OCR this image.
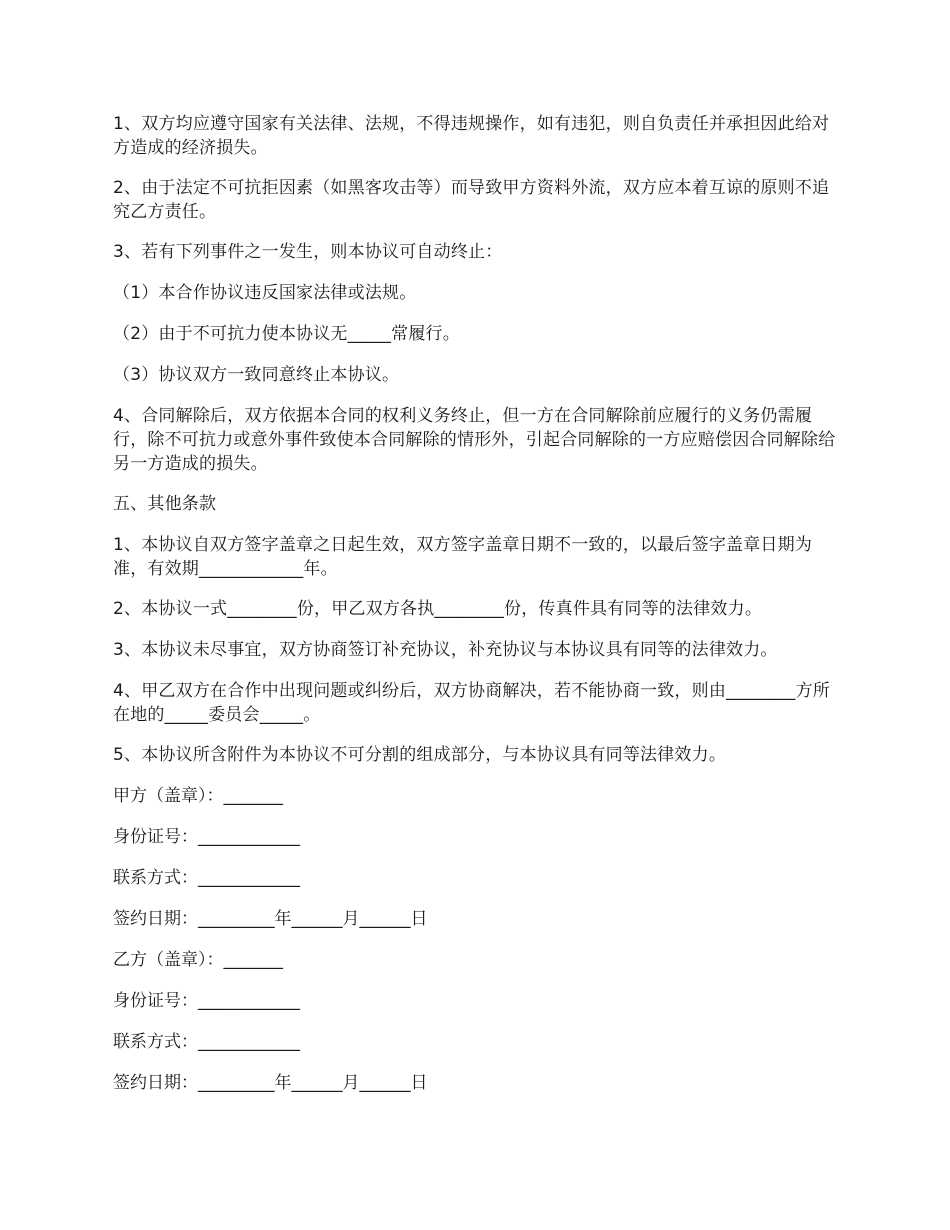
1、双方均应遵守国家有关法律、法规，不得违规操作，如有违犯，则自负责任并承担因此给对方造成的经济损失。

2、由于法定不可抗拒因素（如黑客攻击等）而导致甲方资料外流，双方应本着互谅的原则不追究乙方责任。

3、若有下列事件之一发生，则本协议可自动终止：

（1）本合作协议违反国家法律或法规。

（2）由于不可抗力使本协议无_____常履行。

（3）协议双方一致同意终止本协议。

4、合同解除后，双方依据本合同的权利义务终止，但一方在合同解除前应履行的义务仍需履行，除不可抗力或意外事件致使本合同解除的情形外，引起合同解除的一方应赔偿因合同解除给另一方造成的损失。

五、其他条款

1、本协议自双方签字盖章之日起生效，双方签字盖章日期不一致的，以最后签字盖章日期为准，有效期____________年。

2、本协议一式________份，甲乙双方各执________份，传真件具有同等的法律效力。

3、本协议未尽事宜，双方协商签订补充协议，补充协议与本协议具有同等的法律效力。

4、甲乙双方在合作中出现问题或纠纷后，双方协商解决，若不能协商一致，则由________方所在地的_____委员会_____。

5、本协议所含附件为本协议不可分割的组成部分，与本协议具有同等法律效力。

甲方（盖章）：_______

身份证号：____________

联系方式：____________

签约日期：_________年______月______日

乙方（盖章）：_______

身份证号：____________

联系方式：____________

签约日期：_________年______月______日
